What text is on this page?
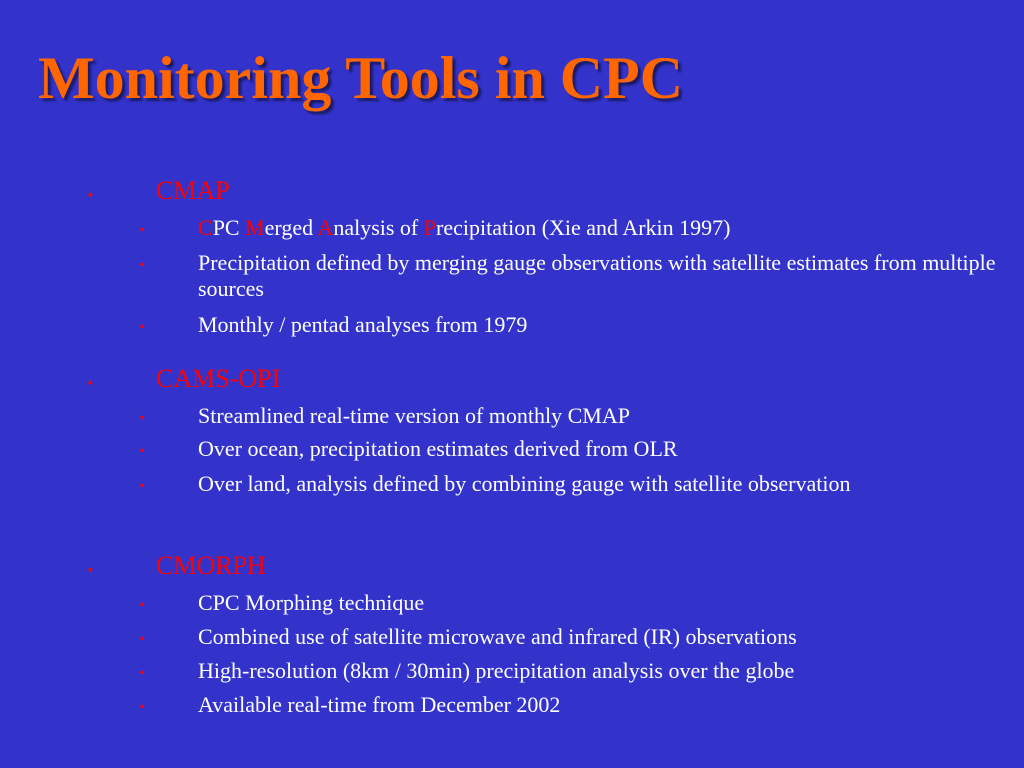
Monitoring Tools in CPC
▪	CMAP
▪	CPC Merged Analysis of Precipitation (Xie and Arkin 1997)
▪	Precipitation defined by merging gauge observations with satellite estimates from multiple sources
▪	Monthly / pentad analyses from 1979
▪	CAMS-OPI
▪	Streamlined real-time version of monthly CMAP
▪	Over ocean, precipitation estimates derived from OLR
▪	Over land, analysis defined by combining gauge with satellite observation
▪	CMORPH
▪	CPC Morphing technique
▪	Combined use of satellite microwave and infrared (IR) observations
▪	High-resolution (8km / 30min) precipitation analysis over the globe
▪	Available real-time from December 2002
